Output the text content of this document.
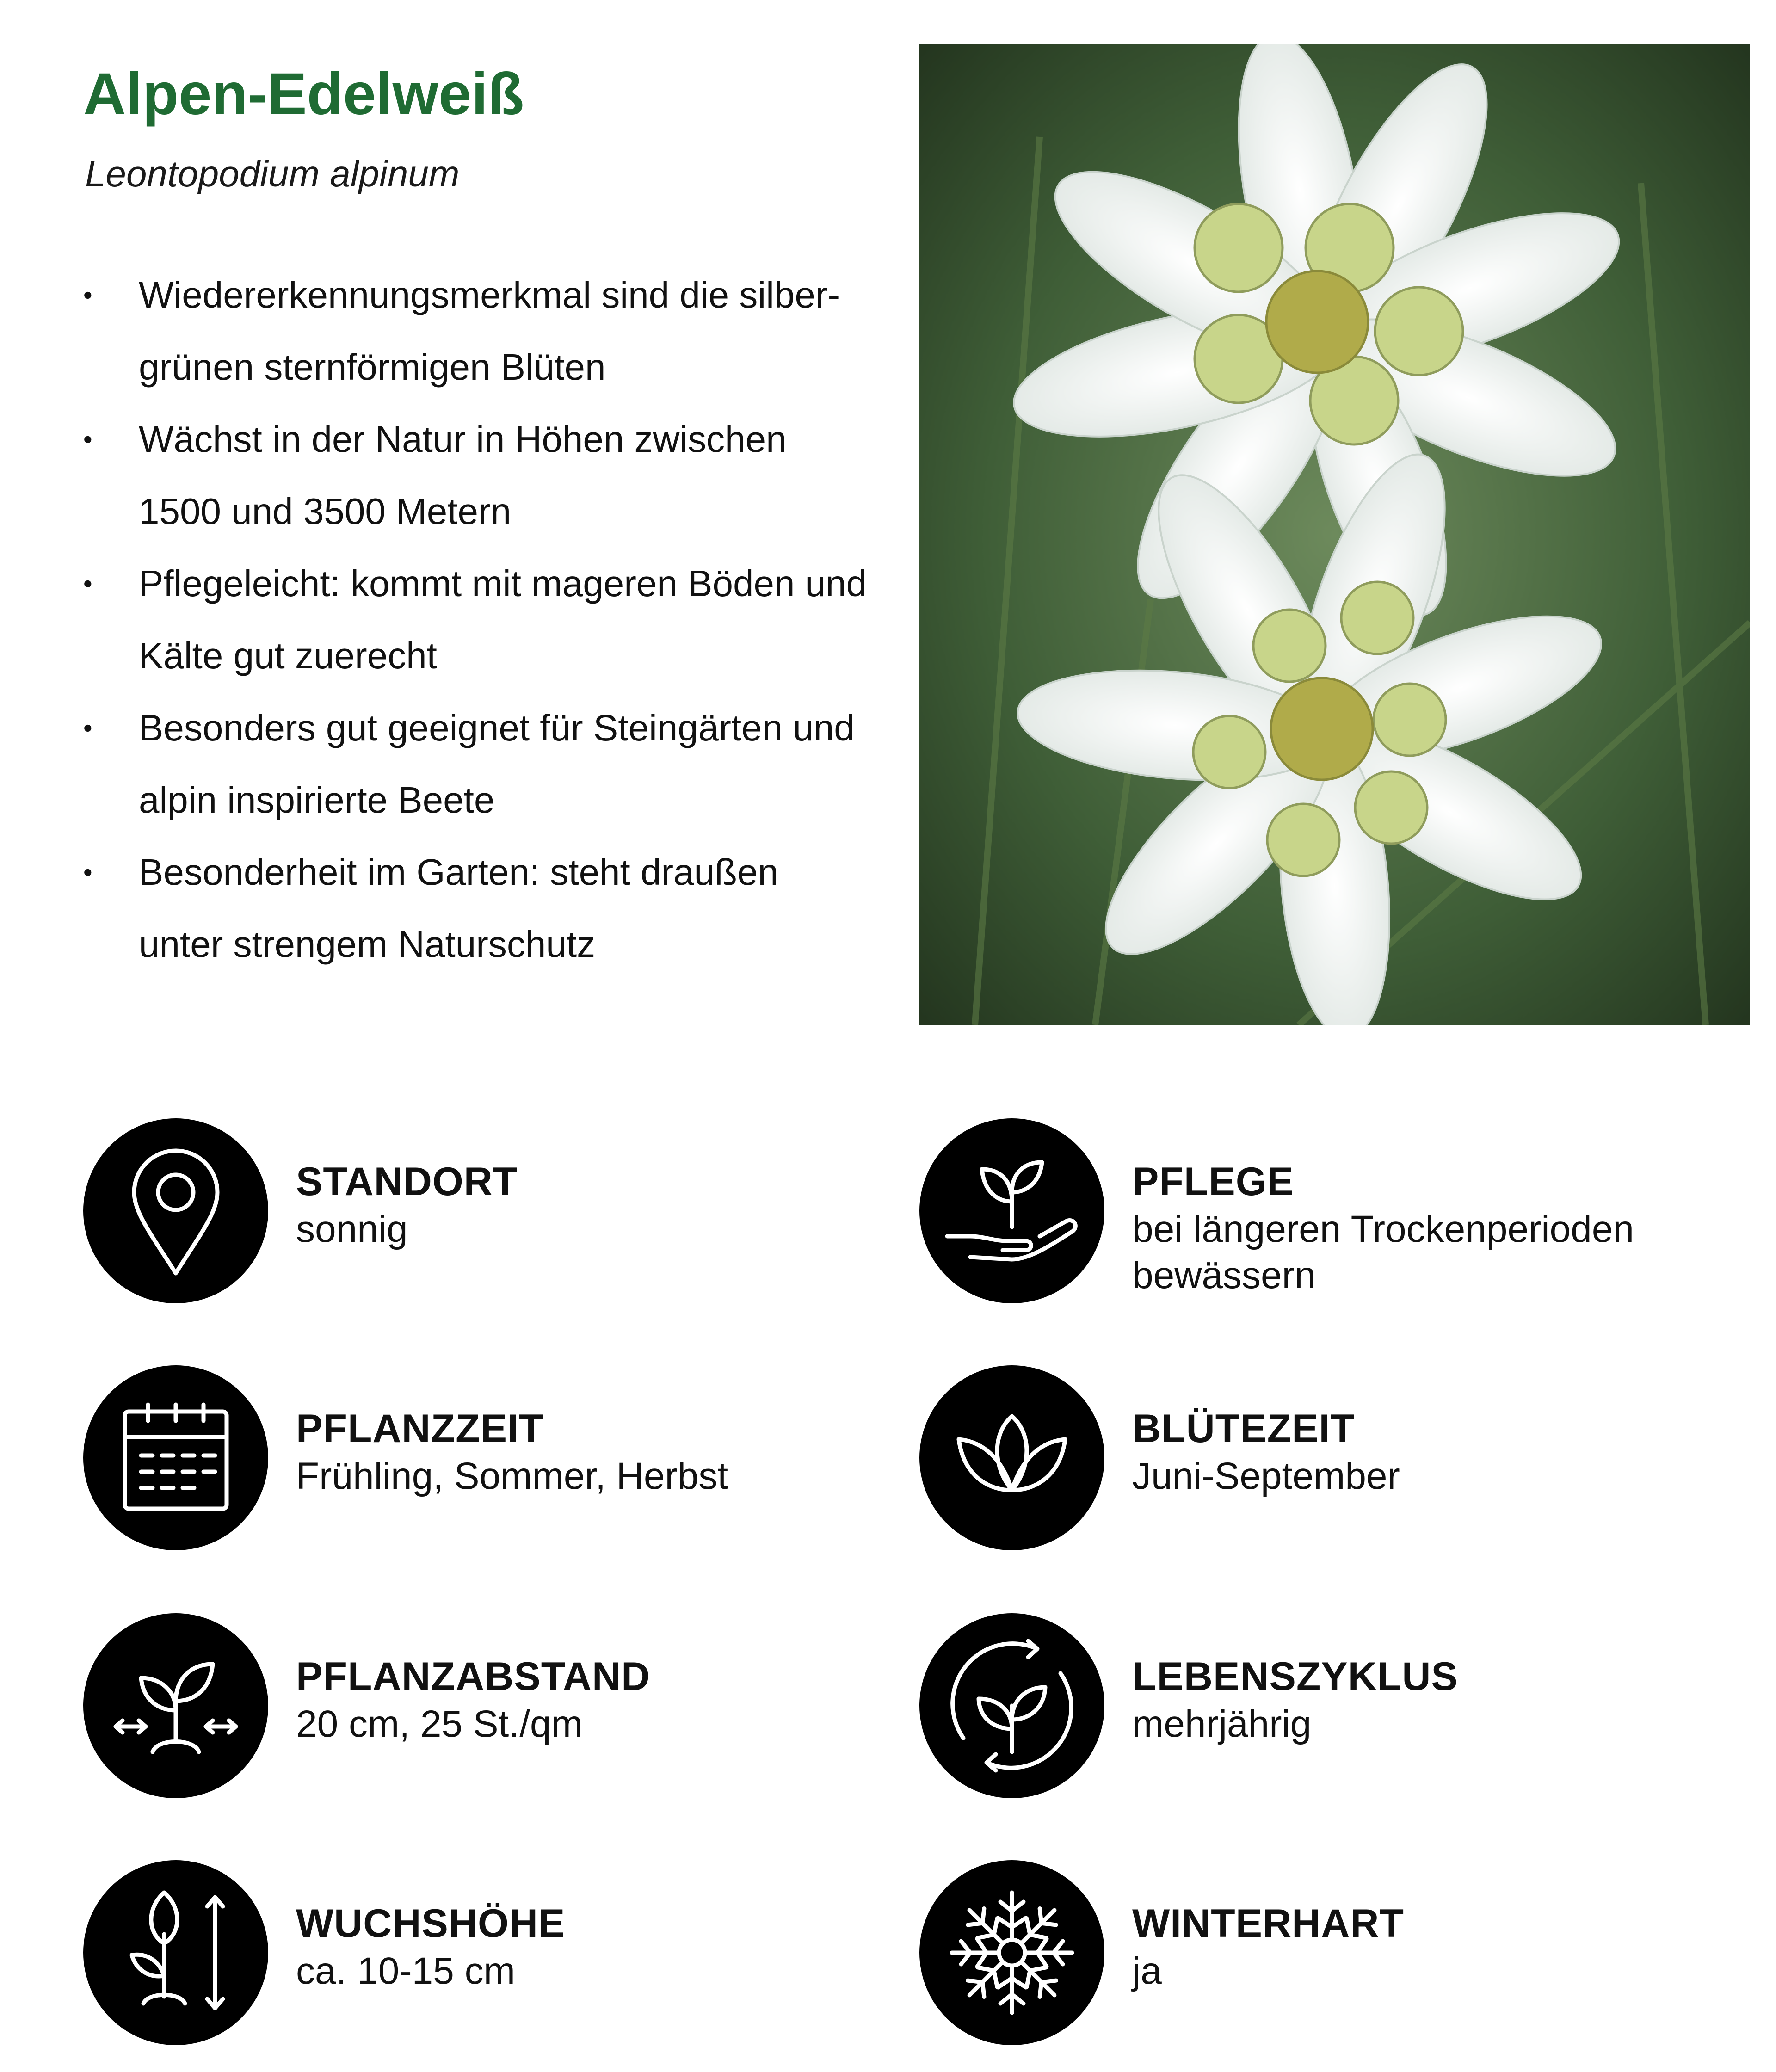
Alpen-Edelweiß
Leontopodium alpinum
• Wiedererkennungsmerkmal sind die silber-grünen sternförmigen Blüten
• Wächst in der Natur in Höhen zwischen 1500 und 3500 Metern
• Pflegeleicht: kommt mit mageren Böden und Kälte gut zuerecht
• Besonders gut geeignet für Steingärten und alpin inspirierte Beete
• Besonderheit im Garten: steht draußen unter strengem Naturschutz
STANDORT
sonnig
PFLEGE
bei längeren Trockenperioden bewässern
PFLANZZEIT
Frühling, Sommer, Herbst
BLÜTEZEIT
Juni-September
PFLANZABSTAND
20 cm, 25 St./qm
LEBENSZYKLUS
mehrjährig
WUCHSHÖHE
ca. 10-15 cm
WINTERHART
ja
